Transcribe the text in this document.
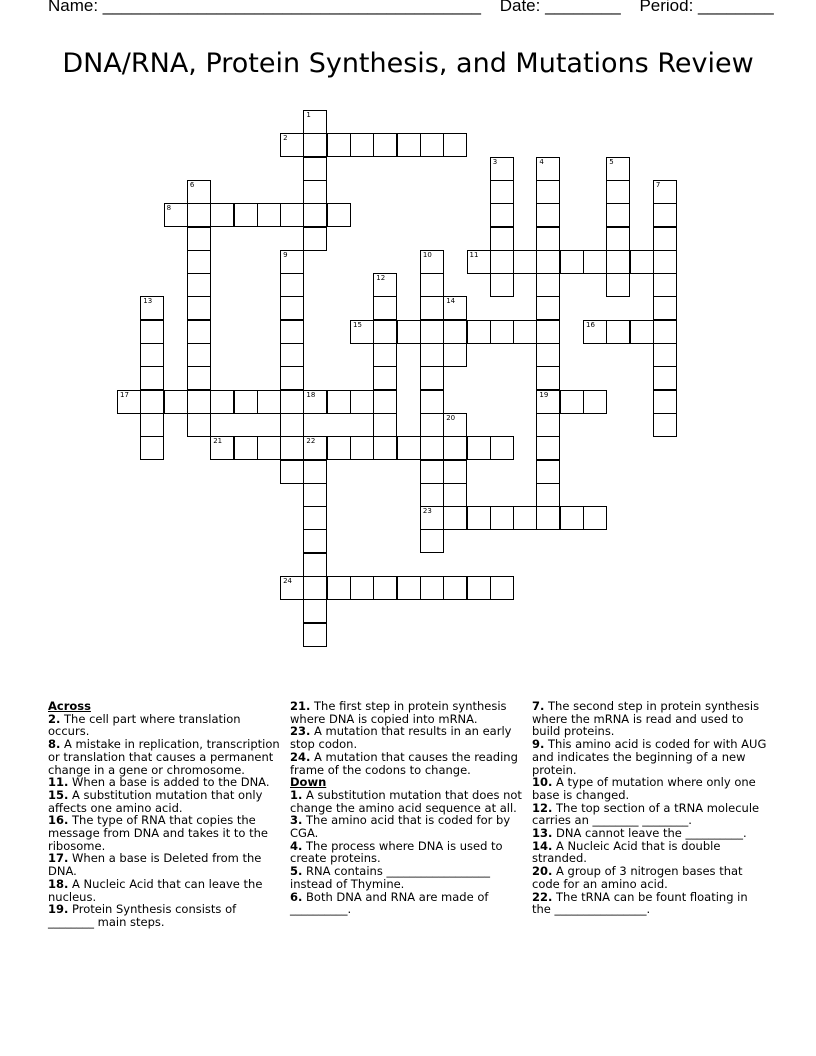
Name: ________________________________________ Date: ________ Period: ________
DNA/RNA, Protein Synthesis, and Mutations Review
1
2
3	4
19
5
6	7
8
9	10
23
11
12
13	14
15	16
17	18
20
21	22
24
Across
2. The cell part where translation occurs.
8. A mistake in replication, transcription or translation that causes a permanent change in a gene or chromosome.
11. When a base is added to the DNA.
15. A substitution mutation that only affects one amino acid.
16. The type of RNA that copies the message from DNA and takes it to the ribosome.
17. When a base is Deleted from the DNA.
18. A Nucleic Acid that can leave the nucleus.
19. Protein Synthesis consists of ________ main steps.
21. The first step in protein synthesis where DNA is copied into mRNA.
23. A mutation that results in an early stop codon.
24. A mutation that causes the reading frame of the codons to change.
Down
1. A substitution mutation that does not change the amino acid sequence at all.
3. The amino acid that is coded for by CGA.
4. The process where DNA is used to create proteins.
5. RNA contains __________________ instead of Thymine.
6. Both DNA and RNA are made of __________.
7. The second step in protein synthesis where the mRNA is read and used to build proteins.
9. This amino acid is coded for with AUG and indicates the beginning of a new protein.
10. A type of mutation where only one base is changed.
12. The top section of a tRNA molecule carries an ________ ________.
13. DNA cannot leave the __________.
14. A Nucleic Acid that is double stranded.
20. A group of 3 nitrogen bases that code for an amino acid.
22. The tRNA can be fount floating in the ________________.
